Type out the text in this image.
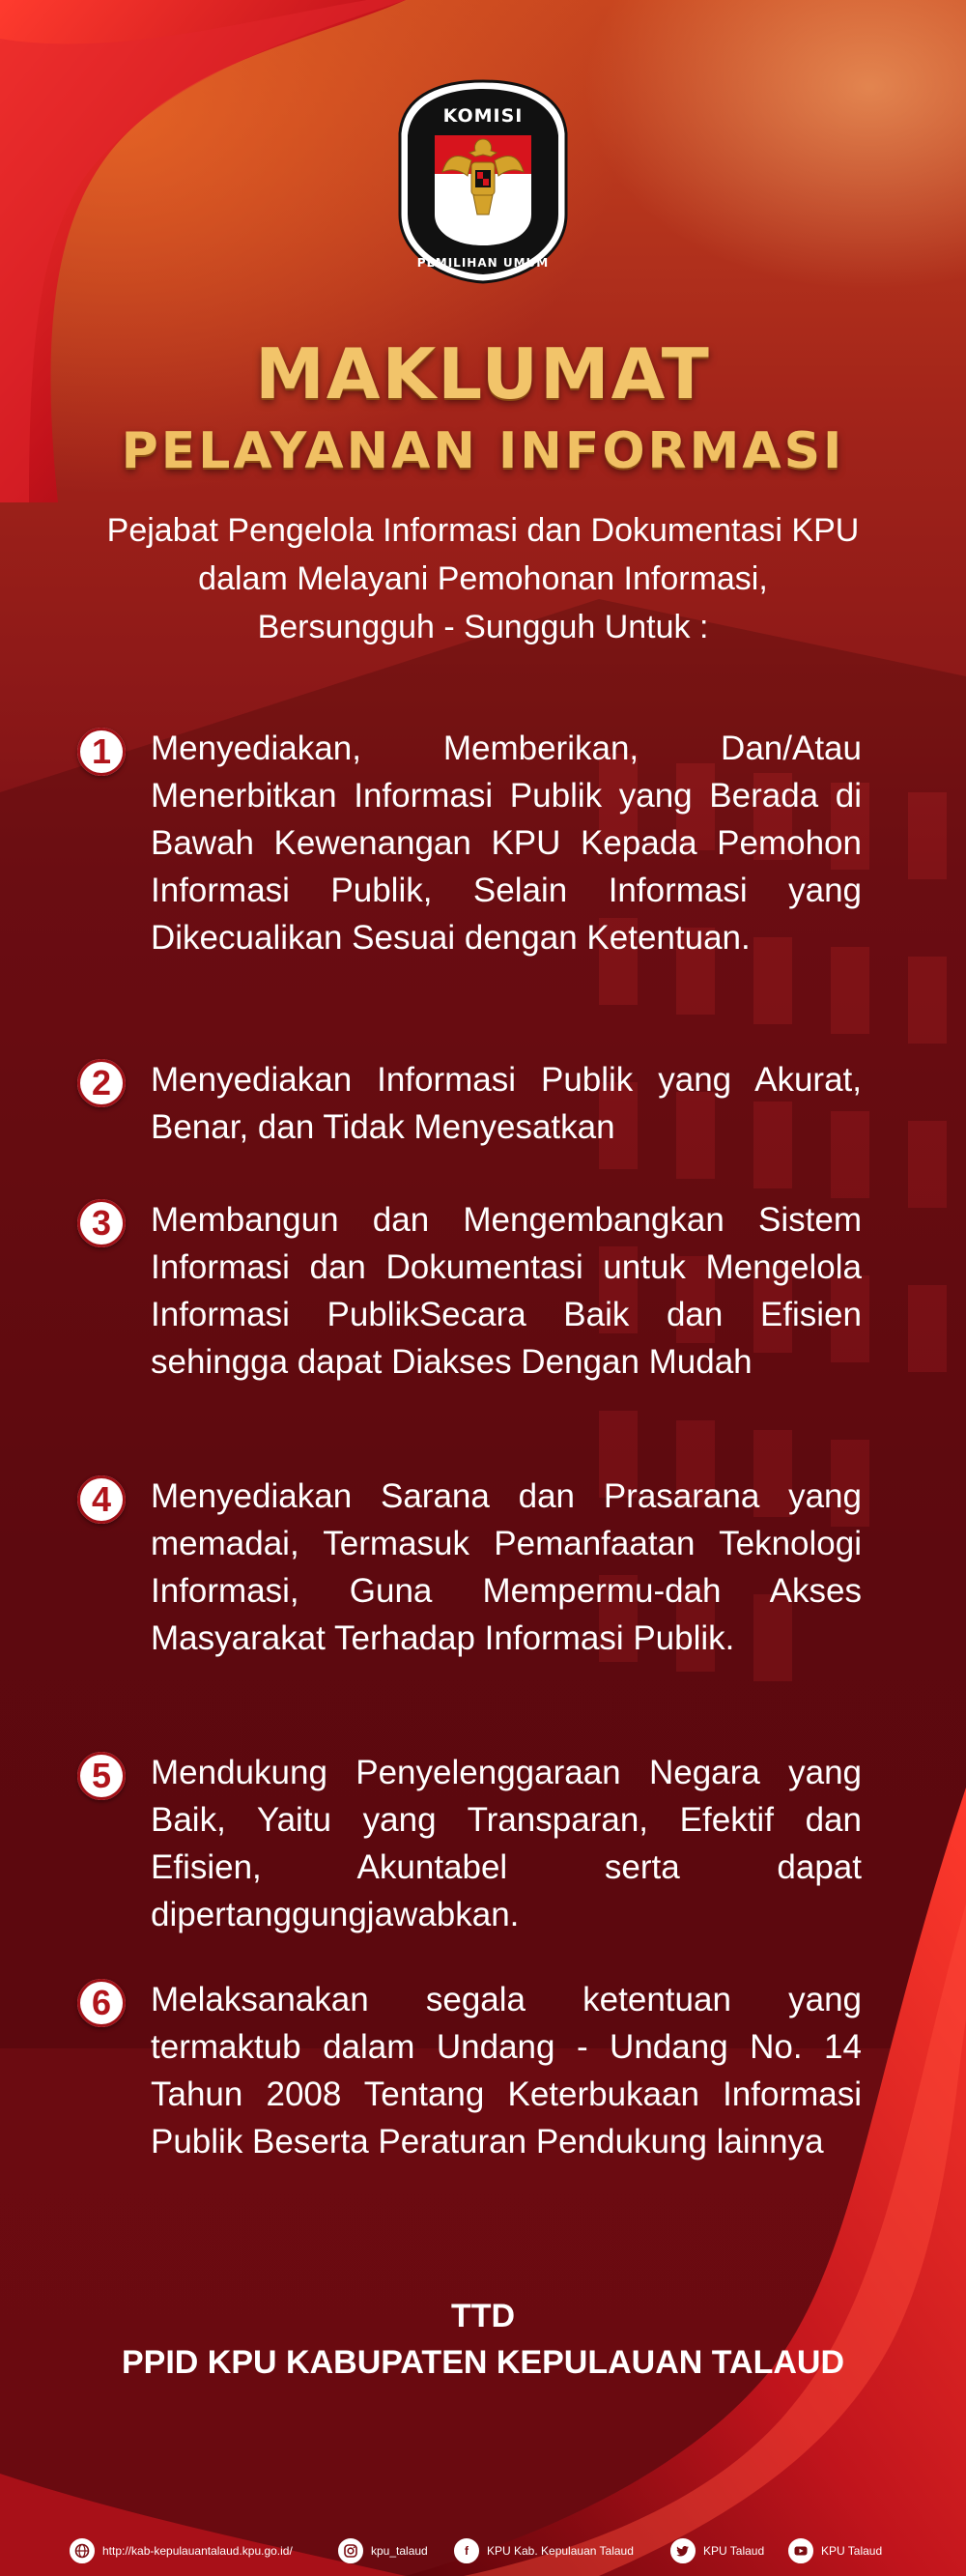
KOMISI
PEMILIHAN UMUM
MAKLUMAT
PELAYANAN INFORMASI
Pejabat Pengelola Informasi dan Dokumentasi KPU
dalam Melayani Pemohonan Informasi,
Bersungguh - Sungguh Untuk :
1	Menyediakan, Memberikan, Dan/Atau Menerbitkan Informasi Publik yang Berada di Bawah Kewenangan KPU Kepada Pemohon Informasi Publik, Selain Informasi yang Dikecualikan Sesuai dengan Ketentuan.
2	Menyediakan Informasi Publik yang Akurat, Benar, dan Tidak Menyesatkan
3	Membangun dan Mengembangkan Sistem Informasi dan Dokumentasi untuk Mengelola Informasi PublikSecara Baik dan Efisien sehingga dapat Diakses Dengan Mudah
4	Menyediakan Sarana dan Prasarana yang memadai, Termasuk Pemanfaatan Teknologi Informasi, Guna Mempermu-dah Akses Masyarakat Terhadap Informasi Publik.
5	Mendukung Penyelenggaraan Negara yang Baik, Yaitu yang Transparan, Efektif dan Efisien, Akuntabel serta dapat dipertanggungjawabkan.
6	Melaksanakan segala ketentuan yang termaktub dalam Undang - Undang No. 14 Tahun 2008 Tentang Keterbukaan Informasi Publik Beserta Peraturan Pendukung lainnya
TTD
PPID KPU KABUPATEN KEPULAUAN TALAUD
http://kab-kepulauantalaud.kpu.go.id/	kpu_talaud	f	KPU Kab. Kepulauan Talaud	KPU Talaud	KPU Talaud
